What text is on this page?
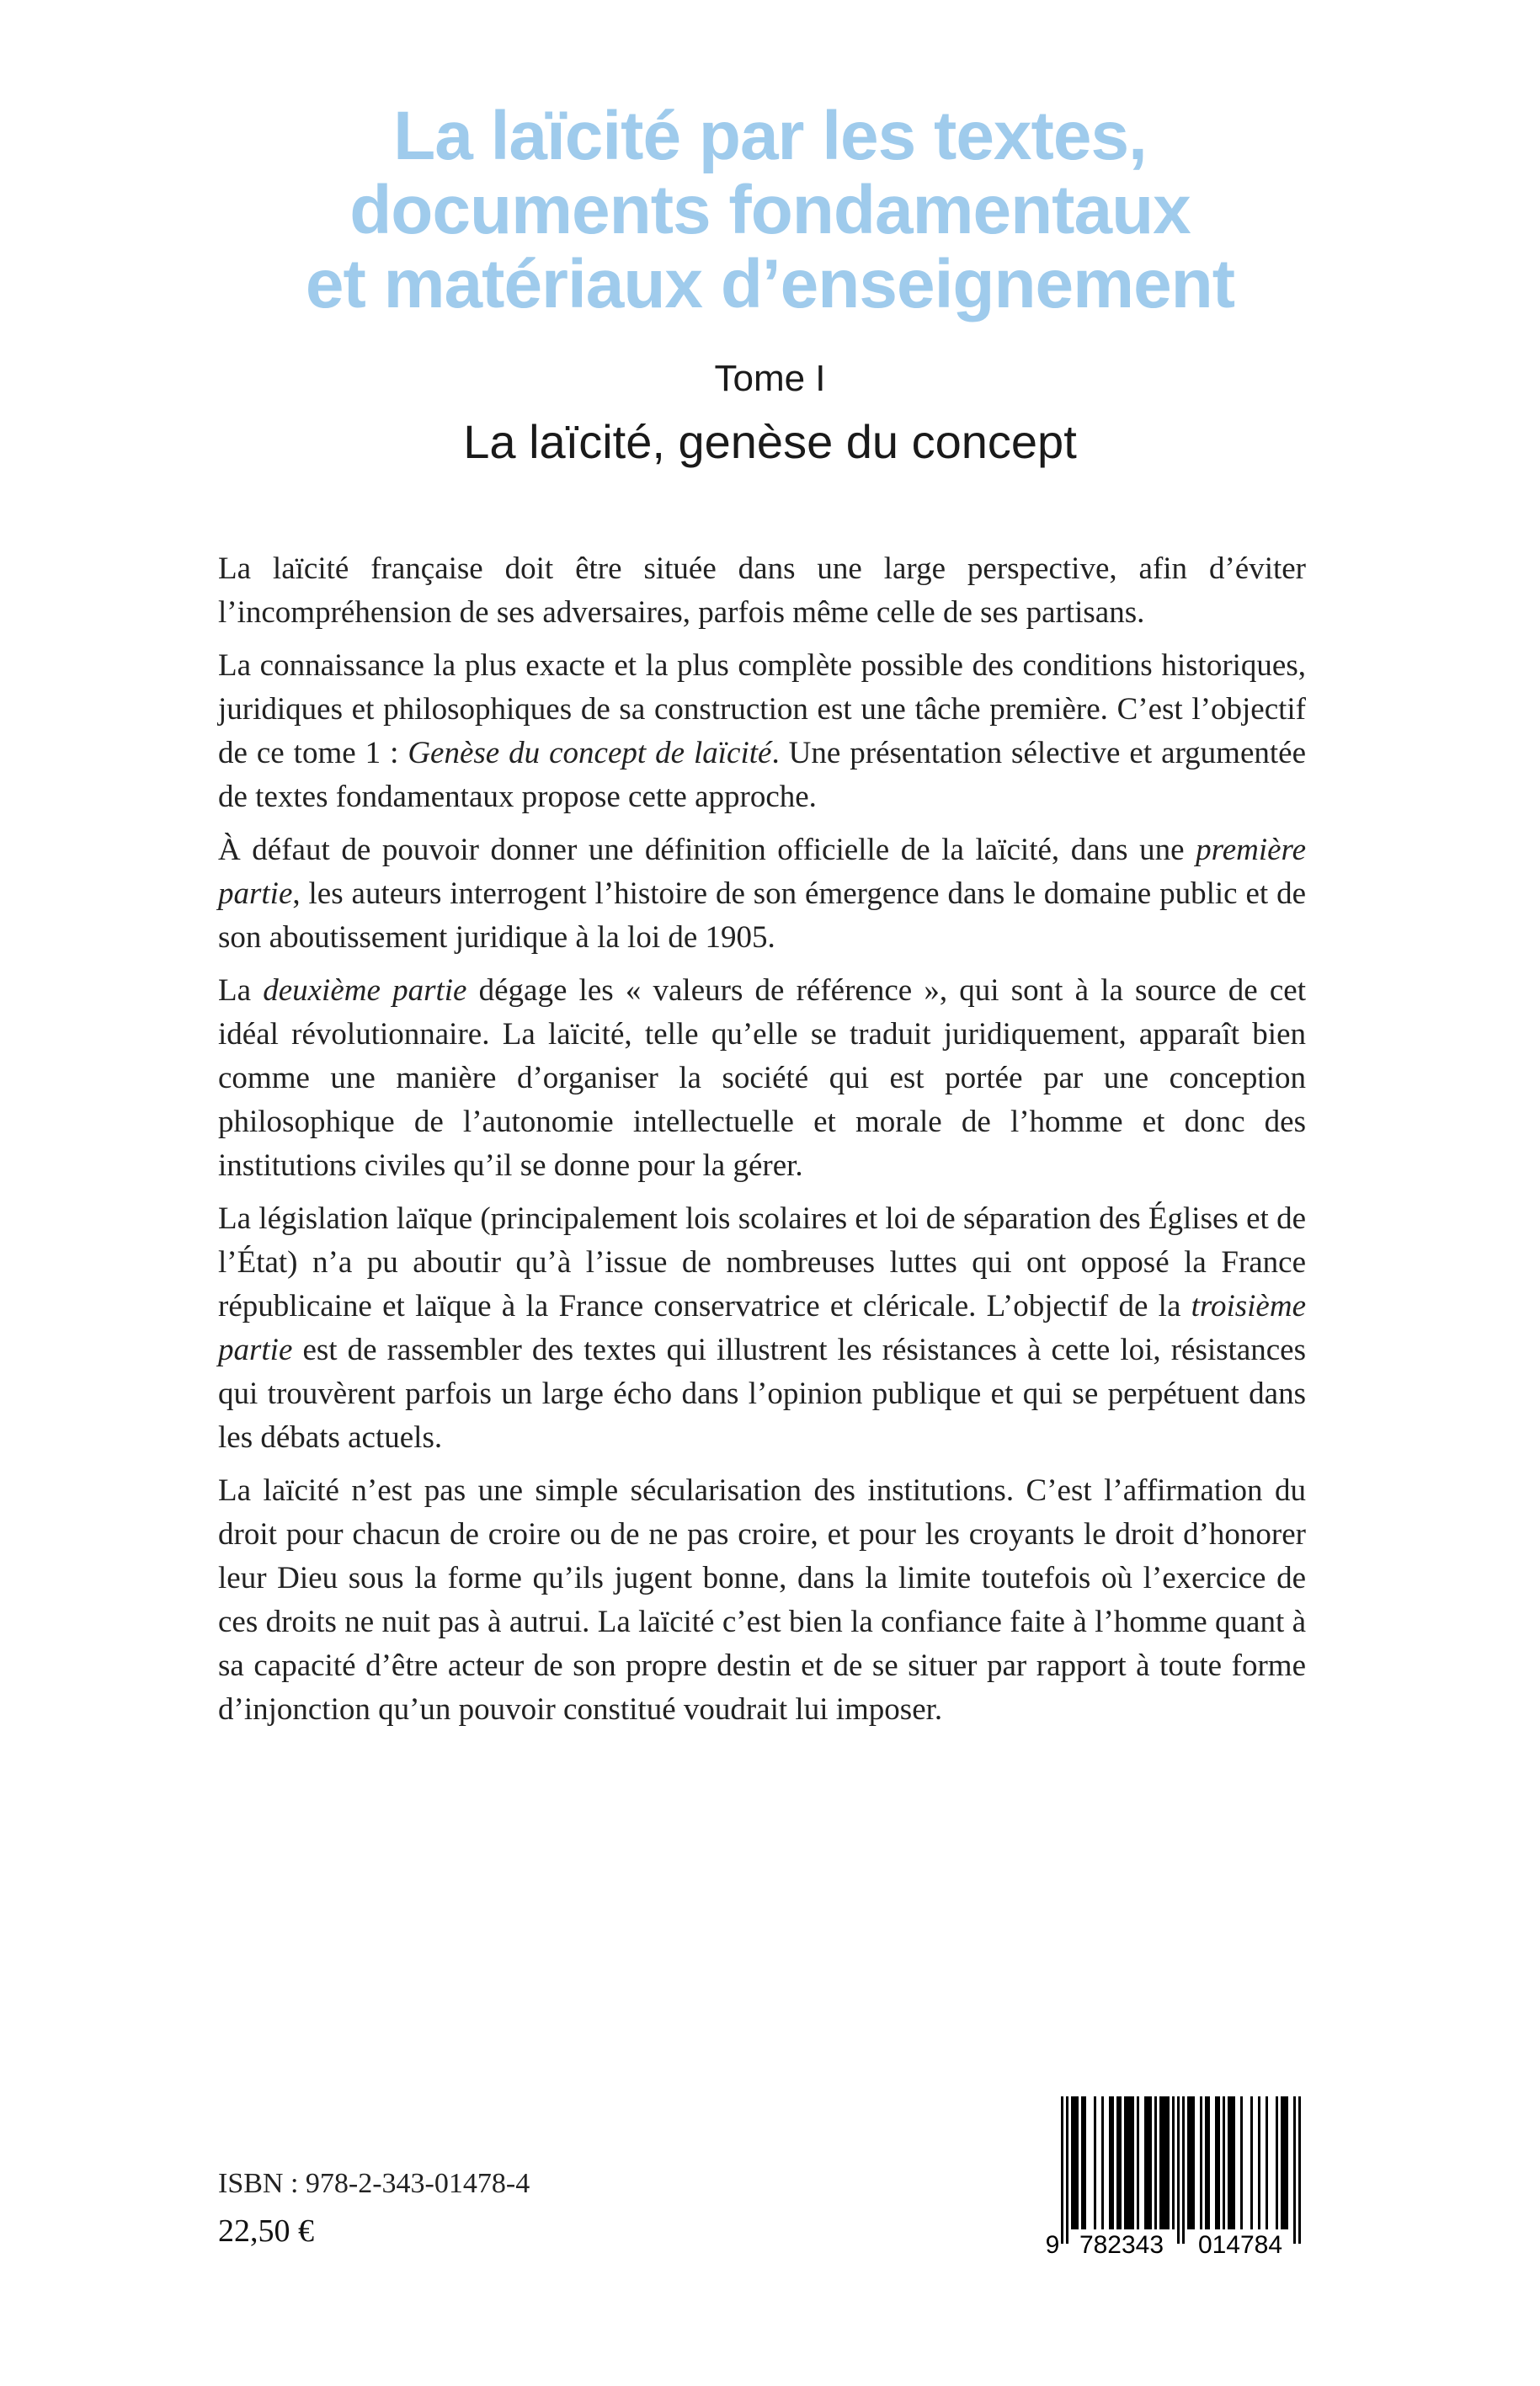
La laïcité par les textes,
documents fondamentaux
et matériaux d’enseignement
Tome I
La laïcité, genèse du concept

La laïcité française doit être située dans une large perspective, afin d’éviter l’incompréhension de ses adversaires, parfois même celle de ses partisans.

La connaissance la plus exacte et la plus complète possible des conditions historiques, juridiques et philosophiques de sa construction est une tâche première. C’est l’objectif de ce tome 1 : Genèse du concept de laïcité. Une présentation sélective et argumentée de textes fondamentaux propose cette approche.

À défaut de pouvoir donner une définition officielle de la laïcité, dans une première partie, les auteurs interrogent l’histoire de son émergence dans le domaine public et de son aboutissement juridique à la loi de 1905.

La deuxième partie dégage les « valeurs de référence », qui sont à la source de cet idéal révolutionnaire. La laïcité, telle qu’elle se traduit juridiquement, apparaît bien comme une manière d’organiser la société qui est portée par une conception philosophique de l’autonomie intellectuelle et morale de l’homme et donc des institutions civiles qu’il se donne pour la gérer.

La législation laïque (principalement lois scolaires et loi de séparation des Églises et de l’État) n’a pu aboutir qu’à l’issue de nombreuses luttes qui ont opposé la France républicaine et laïque à la France conservatrice et cléricale. L’objectif de la troisième partie est de rassembler des textes qui illustrent les résistances à cette loi, résistances qui trouvèrent parfois un large écho dans l’opinion publique et qui se perpétuent dans les débats actuels.

La laïcité n’est pas une simple sécularisation des institutions. C’est l’affirmation du droit pour chacun de croire ou de ne pas croire, et pour les croyants le droit d’honorer leur Dieu sous la forme qu’ils jugent bonne, dans la limite toutefois où l’exercice de ces droits ne nuit pas à autrui. La laïcité c’est bien la confiance faite à l’homme quant à sa capacité d’être acteur de son propre destin et de se situer par rapport à toute forme d’injonction qu’un pouvoir constitué voudrait lui imposer.

ISBN : 978-2-343-01478-4
22,50 €	9 782343 014784
